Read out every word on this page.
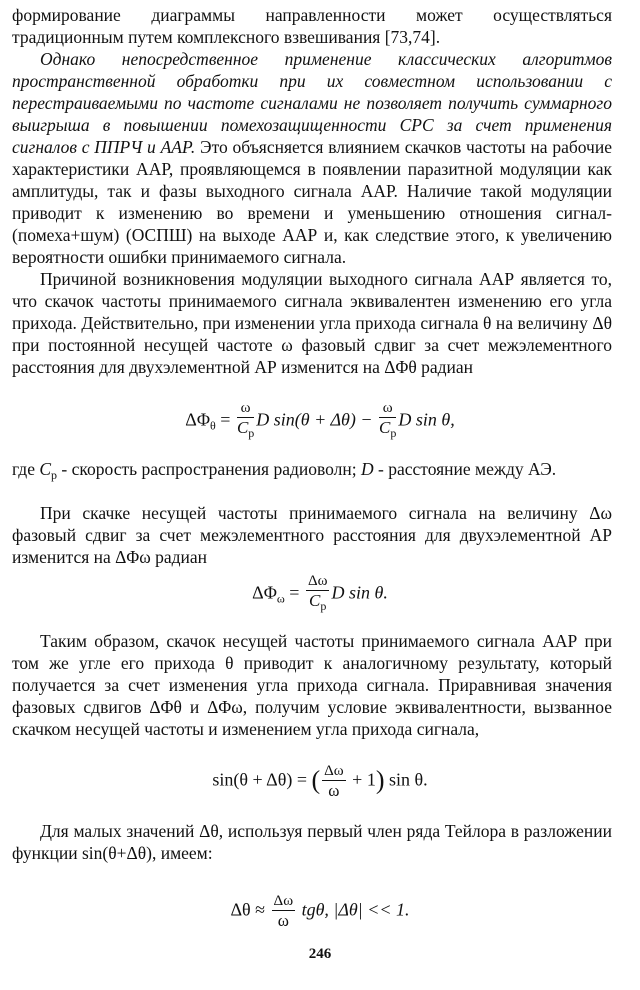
формирование диаграммы направленности может осуществляться традиционным путем комплексного взвешивания [73,74].

Однако непосредственное применение классических алгоритмов пространственной обработки при их совместном использовании с перестраиваемыми по частоте сигналами не позволяет получить суммарного выигрыша в повышении помехозащищенности СРС за счет применения сигналов с ППРЧ и ААР. Это объясняется влиянием скачков частоты на рабочие характеристики ААР, проявляющемся в появлении паразитной модуляции как амплитуды, так и фазы выходного сигнала ААР. Наличие такой модуляции приводит к изменению во времени и уменьшению отношения сигнал-(помеха+шум) (ОСПШ) на выходе ААР и, как следствие этого, к увеличению вероятности ошибки принимаемого сигнала.

Причиной возникновения модуляции выходного сигнала ААР является то, что скачок частоты принимаемого сигнала эквивалентен изменению его угла прихода. Действительно, при изменении угла прихода сигнала θ на величину Δθ при постоянной несущей частоте ω фазовый сдвиг за счет межэлементного расстояния для двухэлементной АР изменится на ΔΦθ радиан

$\Delta\Phi_\theta = \frac{\omega}{C_p}$ D $\sin(\theta + \Delta\theta) - \frac{\omega}{C_p}$ D sin θ,

где $C_p$ - скорость распространения радиоволн; D - расстояние между АЭ.

При скачке несущей частоты принимаемого сигнала на величину Δω фазовый сдвиг за счет межэлементного расстояния для двухэлементной АР изменится на ΔΦω радиан

$\Delta\Phi_\omega = \frac{\Delta\omega}{C_p}$ D sin θ.

Таким образом, скачок несущей частоты принимаемого сигнала ААР при том же угле его прихода θ приводит к аналогичному результату, который получается за счет изменения угла прихода сигнала. Приравнивая значения фазовых сдвигов ΔΦθ и ΔΦω, получим условие эквивалентности, вызванное скачком несущей частоты и изменением угла прихода сигнала,

sin(θ + Δθ) = ( $\frac{\Delta\omega}{\omega} + 1$) sin θ.

Для малых значений Δθ, используя первый член ряда Тейлора в разложении функции sin(θ+Δθ), имеем:

$\Delta\theta \approx \frac{\Delta\omega}{\omega} tg\theta$, |Δθ| << 1.
246
